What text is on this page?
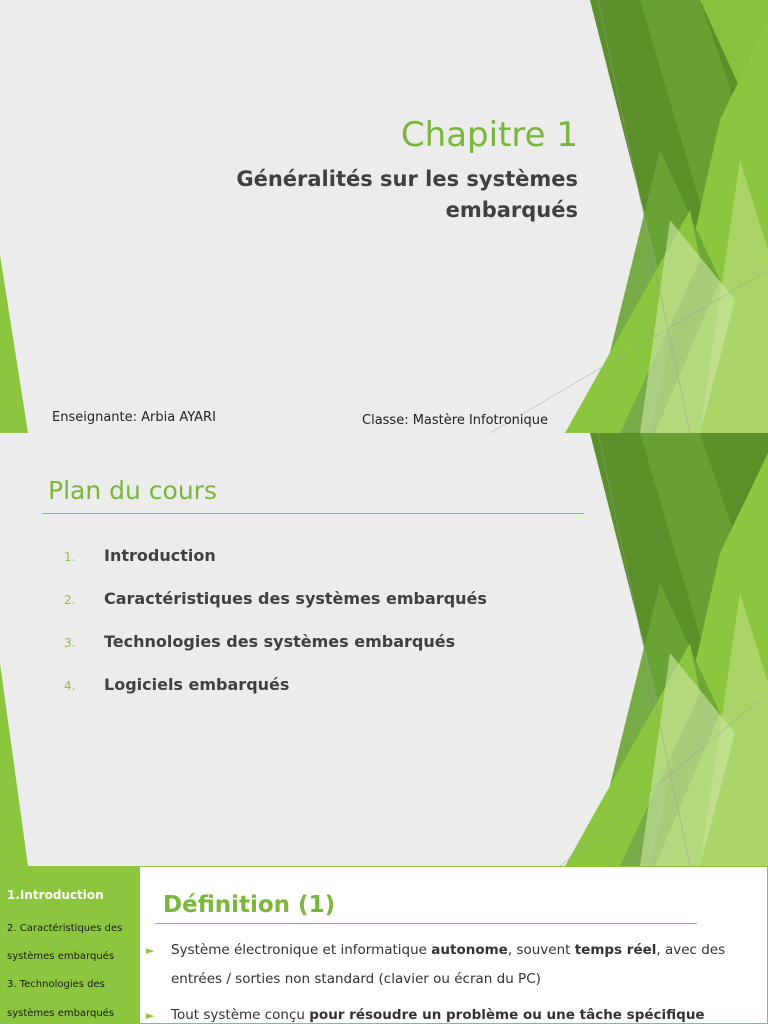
Chapitre 1

Généralités sur les systèmes embarqués

Enseignante: Arbia AYARI	Classe: Mastère Infotronique

Plan du cours
1.	Introduction
2.	Caractéristiques des systèmes embarqués
3.	Technologies des systèmes embarqués
4.	Logiciels embarqués
1.Introduction
2. Caractéristiques des
systèmes embarqués
3. Technologies des
systèmes embarqués
Définition (1)
► Système électronique et informatique autonome, souvent temps réel, avec des entrées / sorties non standard (clavier ou écran du PC)
► Tout système conçu pour résoudre un problème ou une tâche spécifique
